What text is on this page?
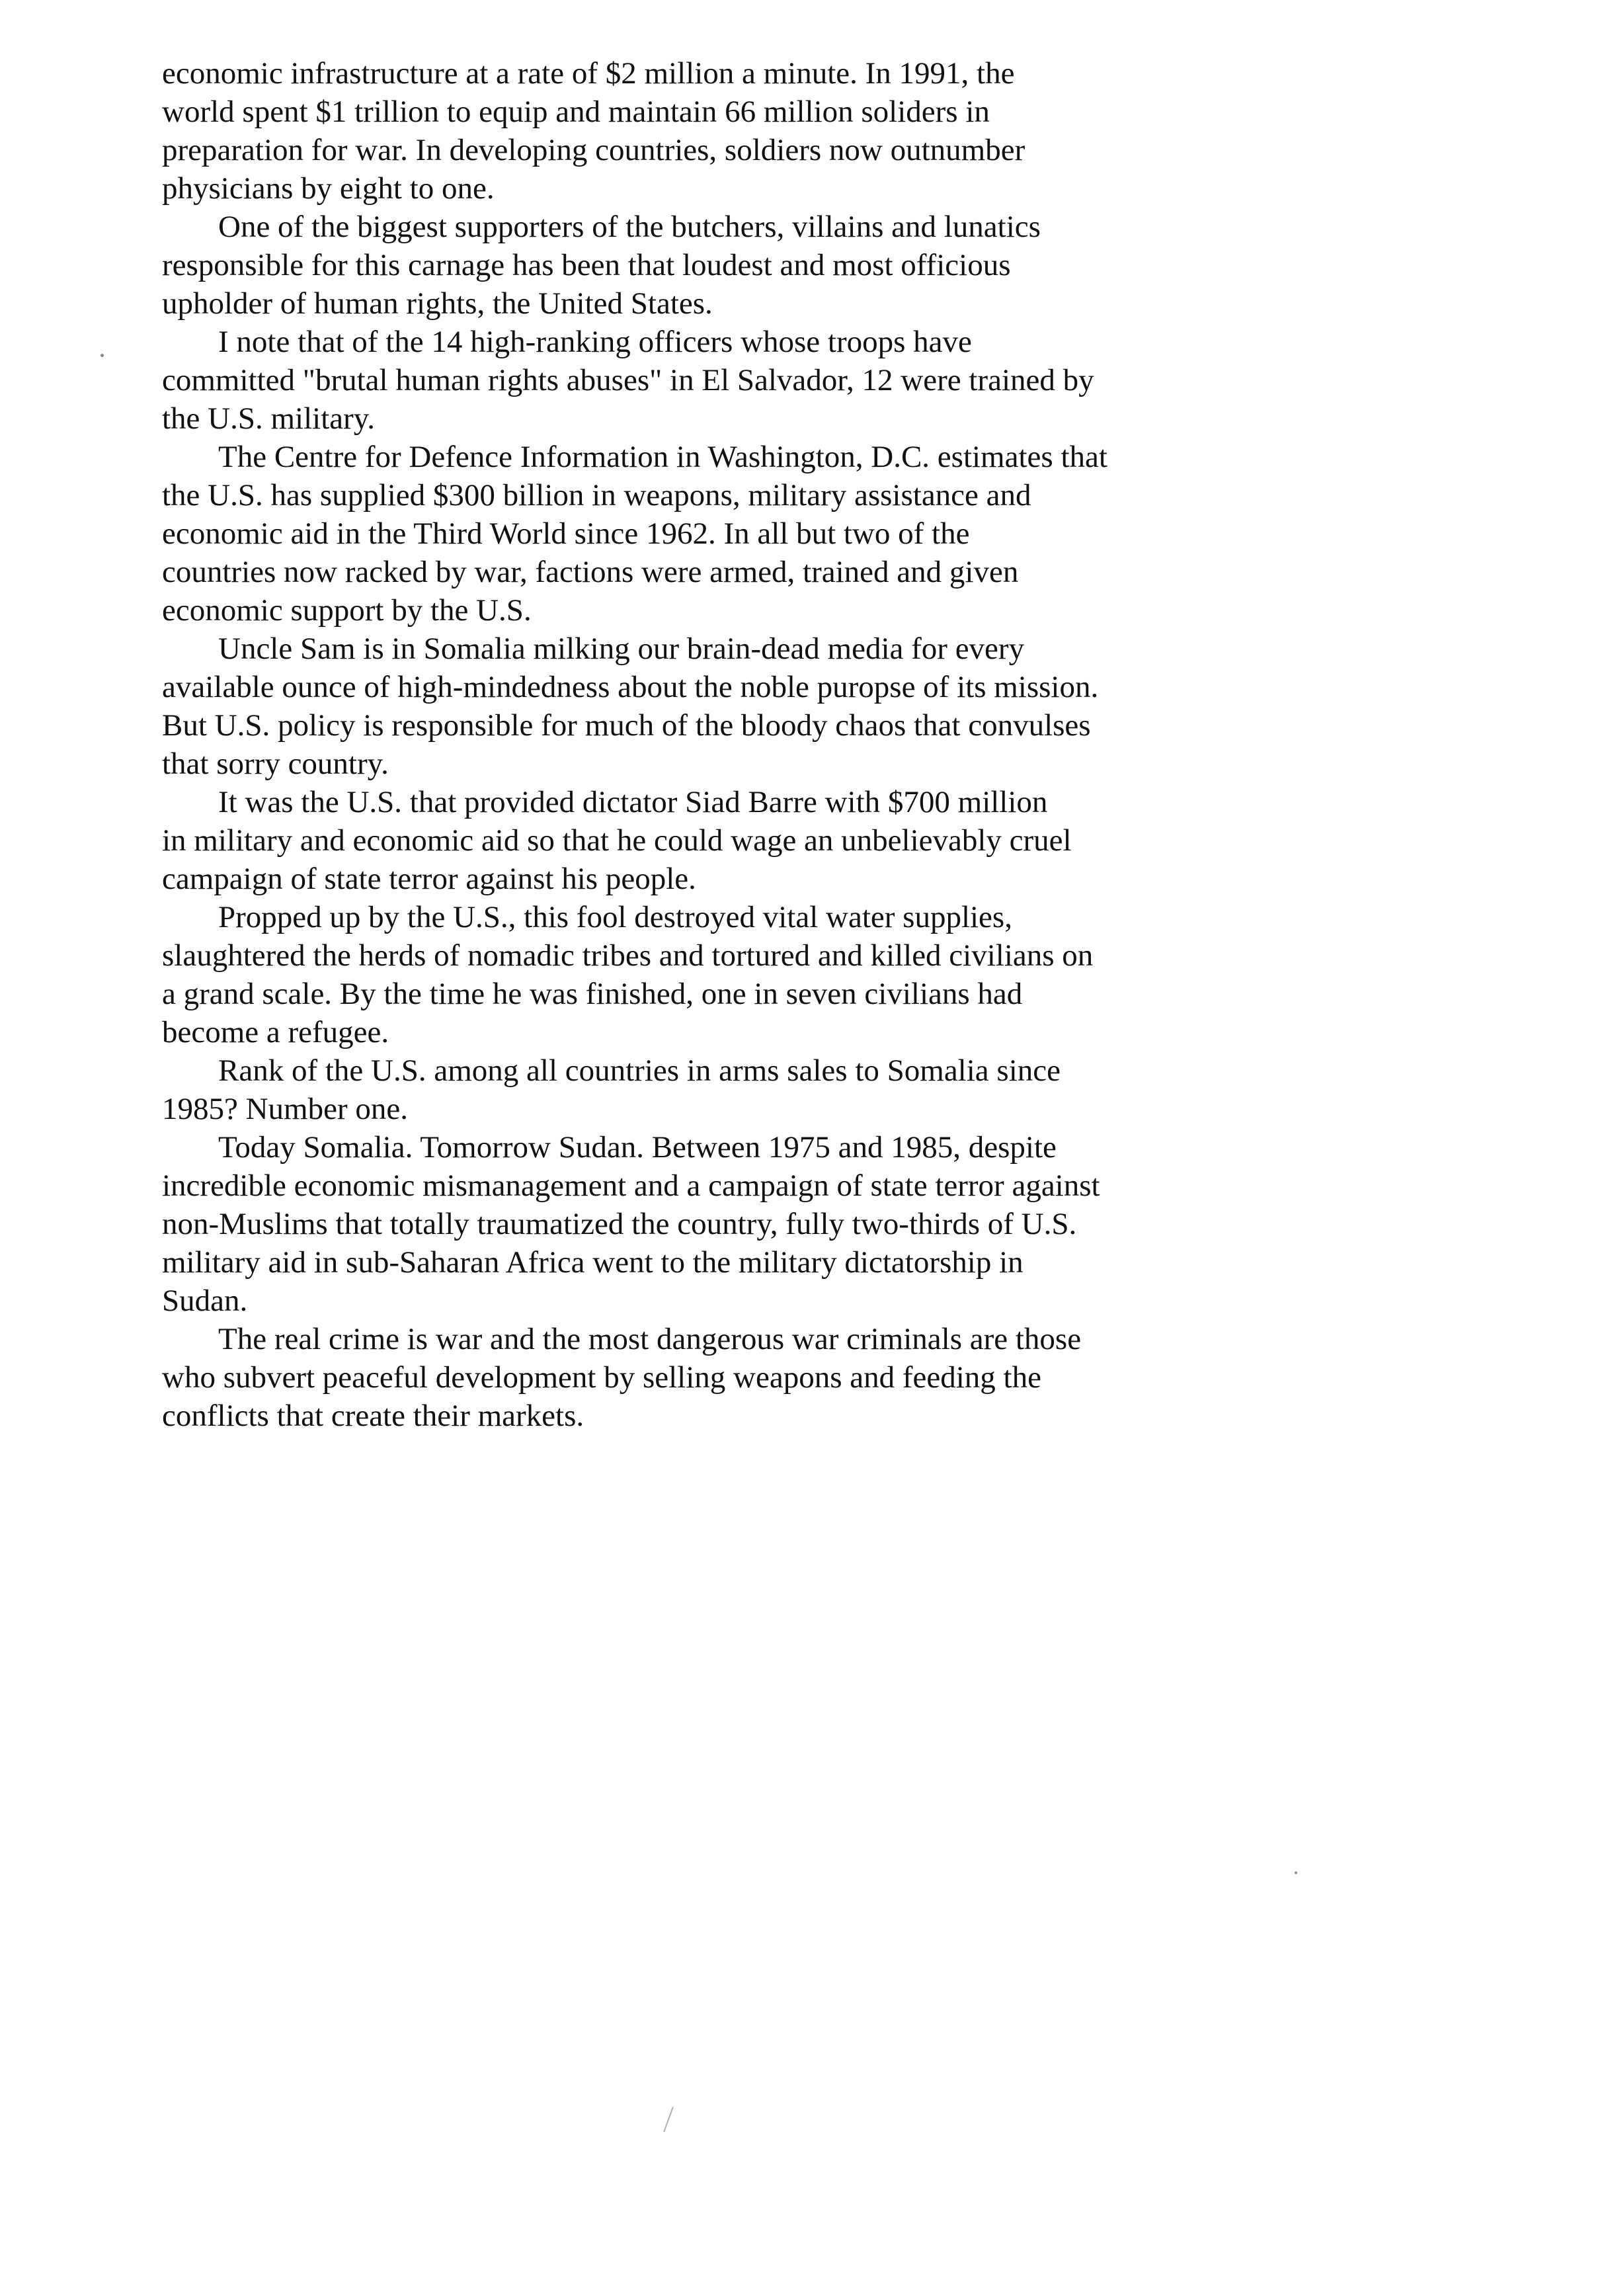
economic infrastructure at a rate of $2 million a minute. In 1991, the
world spent $1 trillion to equip and maintain 66 million soliders in
preparation for war. In developing countries, soldiers now outnumber
physicians by eight to one.

One of the biggest supporters of the butchers, villains and lunatics
responsible for this carnage has been that loudest and most officious
upholder of human rights, the United States.

I note that of the 14 high-ranking officers whose troops have
committed "brutal human rights abuses" in El Salvador, 12 were trained by
the U.S. military.

The Centre for Defence Information in Washington, D.C. estimates that
the U.S. has supplied $300 billion in weapons, military assistance and
economic aid in the Third World since 1962. In all but two of the
countries now racked by war, factions were armed, trained and given
economic support by the U.S.

Uncle Sam is in Somalia milking our brain-dead media for every
available ounce of high-mindedness about the noble puropse of its mission.
But U.S. policy is responsible for much of the bloody chaos that convulses
that sorry country.

It was the U.S. that provided dictator Siad Barre with $700 million
in military and economic aid so that he could wage an unbelievably cruel
campaign of state terror against his people.

Propped up by the U.S., this fool destroyed vital water supplies,
slaughtered the herds of nomadic tribes and tortured and killed civilians on
a grand scale. By the time he was finished, one in seven civilians had
become a refugee.

Rank of the U.S. among all countries in arms sales to Somalia since
1985? Number one.

Today Somalia. Tomorrow Sudan. Between 1975 and 1985, despite
incredible economic mismanagement and a campaign of state terror against
non-Muslims that totally traumatized the country, fully two-thirds of U.S.
military aid in sub-Saharan Africa went to the military dictatorship in
Sudan.

The real crime is war and the most dangerous war criminals are those
who subvert peaceful development by selling weapons and feeding the
conflicts that create their markets.
